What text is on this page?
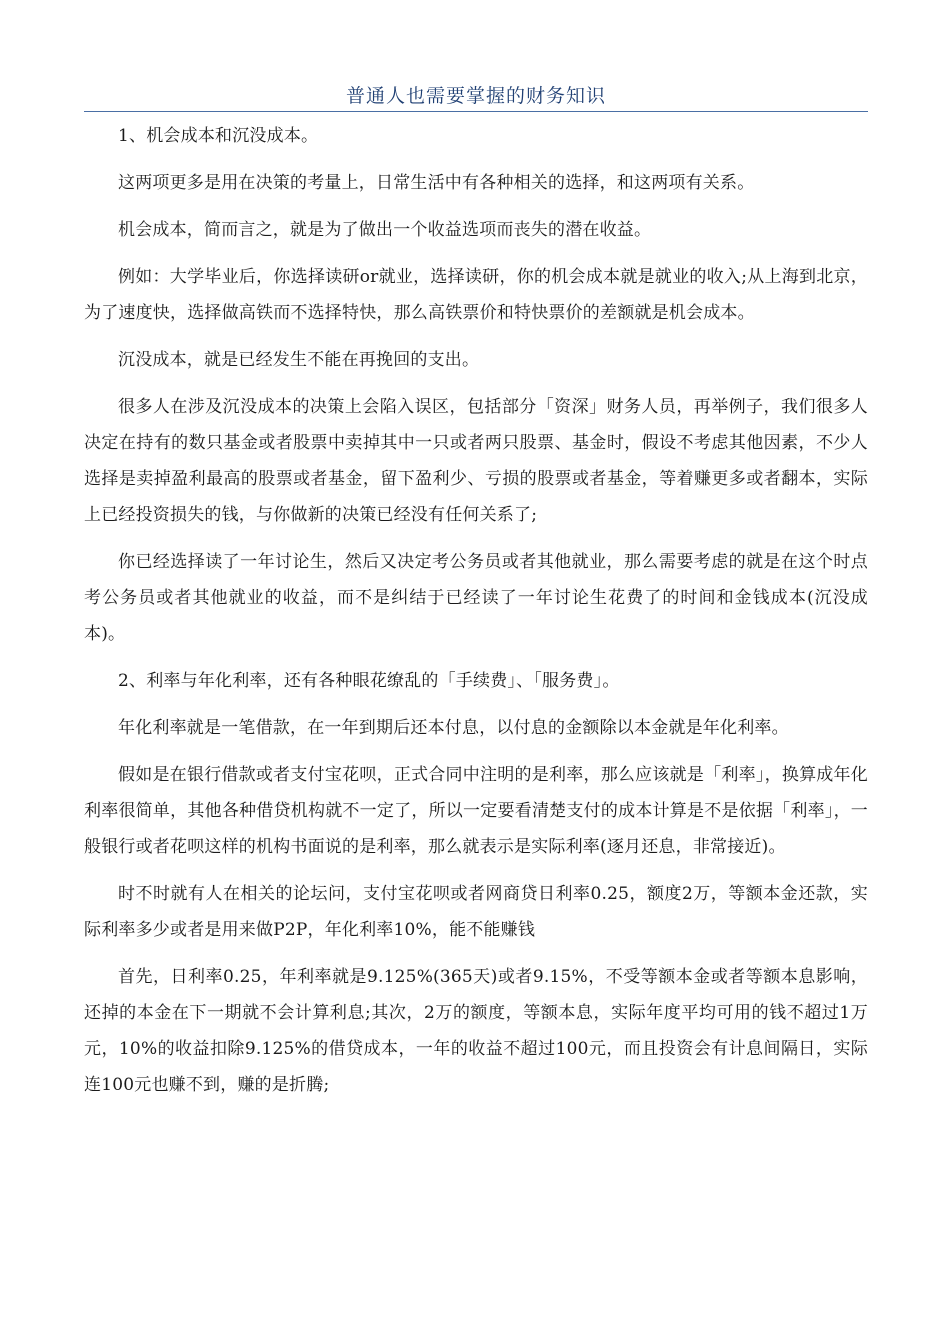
普通人也需要掌握的财务知识

1、机会成本和沉没成本。

这两项更多是用在决策的考量上，日常生活中有各种相关的选择，和这两项有关系。

机会成本，简而言之，就是为了做出一个收益选项而丧失的潜在收益。

例如：大学毕业后，你选择读研or就业，选择读研，你的机会成本就是就业的收入;从上海到北京，为了速度快，选择做高铁而不选择特快，那么高铁票价和特快票价的差额就是机会成本。

沉没成本，就是已经发生不能在再挽回的支出。

很多人在涉及沉没成本的决策上会陷入误区，包括部分「资深」财务人员，再举例子，我们很多人决定在持有的数只基金或者股票中卖掉其中一只或者两只股票、基金时，假设不考虑其他因素，不少人选择是卖掉盈利最高的股票或者基金，留下盈利少、亏损的股票或者基金，等着赚更多或者翻本，实际上已经投资损失的钱，与你做新的决策已经没有任何关系了;

你已经选择读了一年讨论生，然后又决定考公务员或者其他就业，那么需要考虑的就是在这个时点考公务员或者其他就业的收益，而不是纠结于已经读了一年讨论生花费了的时间和金钱成本(沉没成本)。

2、利率与年化利率，还有各种眼花缭乱的「手续费」、「服务费」。

年化利率就是一笔借款，在一年到期后还本付息，以付息的金额除以本金就是年化利率。

假如是在银行借款或者支付宝花呗，正式合同中注明的是利率，那么应该就是「利率」，换算成年化利率很简单，其他各种借贷机构就不一定了，所以一定要看清楚支付的成本计算是不是依据「利率」，一般银行或者花呗这样的机构书面说的是利率，那么就表示是实际利率(逐月还息，非常接近)。

时不时就有人在相关的论坛问，支付宝花呗或者网商贷日利率0.25，额度2万，等额本金还款，实际利率多少或者是用来做P2P，年化利率10%，能不能赚钱

首先，日利率0.25，年利率就是9.125%(365天)或者9.15%，不受等额本金或者等额本息影响，还掉的本金在下一期就不会计算利息;其次，2万的额度，等额本息，实际年度平均可用的钱不超过1万元，10%的收益扣除9.125%的借贷成本，一年的收益不超过100元，而且投资会有计息间隔日，实际连100元也赚不到，赚的是折腾;
